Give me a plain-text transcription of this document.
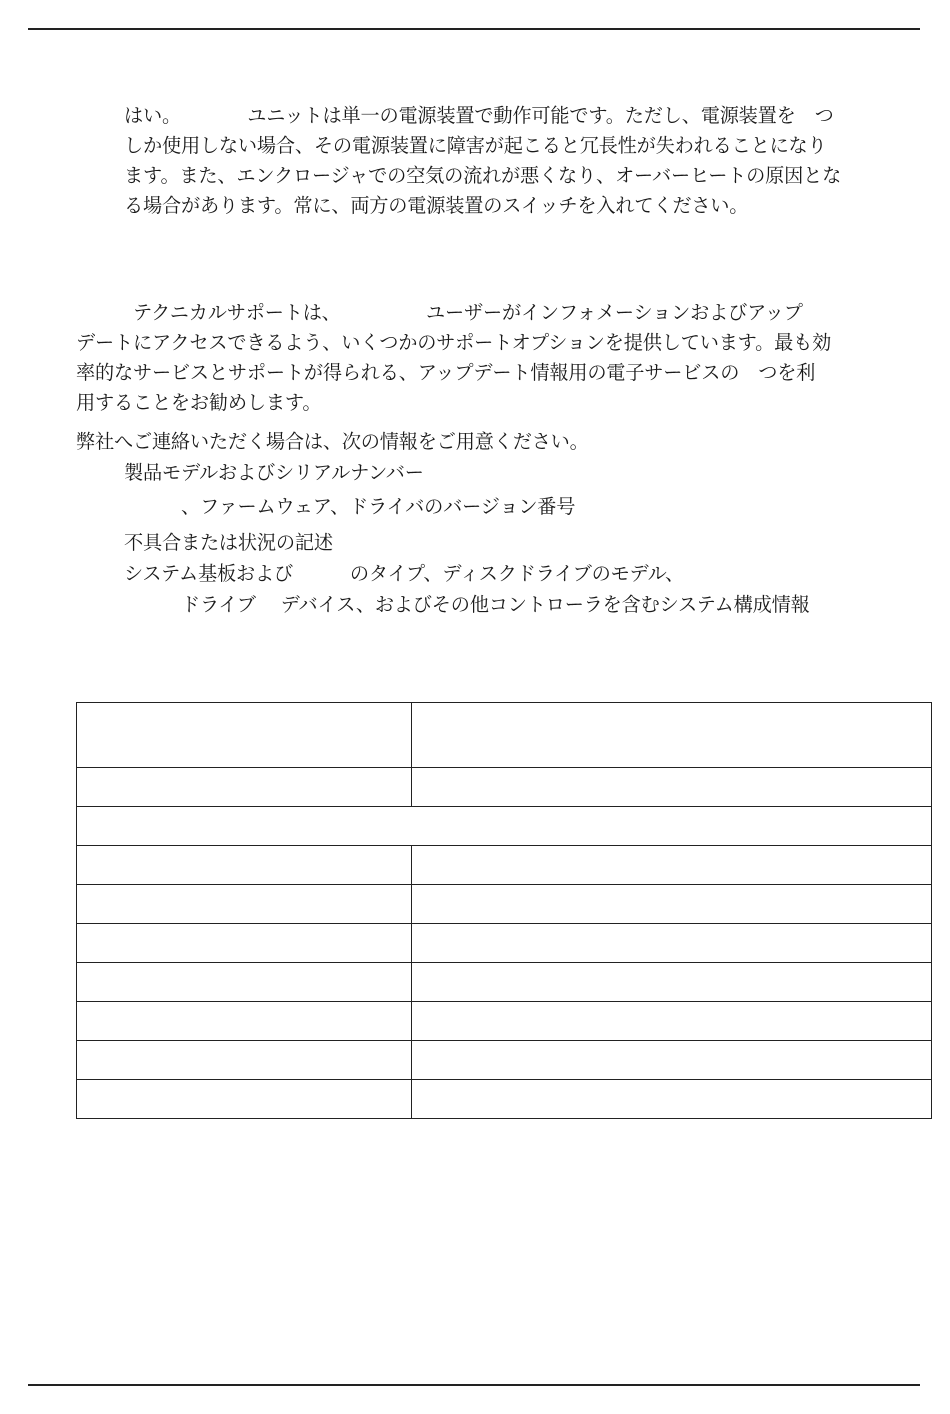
はい。　　　　ユニットは単一の電源装置で動作可能です。ただし、電源装置を　つ
しか使用しない場合、その電源装置に障害が起こると冗長性が失われることになり
ます。また、エンクロージャでの空気の流れが悪くなり、オーバーヒートの原因とな
る場合があります。常に、両方の電源装置のスイッチを入れてください。
　　　テクニカルサポートは、　　　　　ユーザーがインフォメーションおよびアップ
デートにアクセスできるよう、いくつかのサポートオプションを提供しています。最も効
率的なサービスとサポートが得られる、アップデート情報用の電子サービスの　つを利
用することをお勧めします。
弊社へご連絡いただく場合は、次の情報をご用意ください。
製品モデルおよびシリアルナンバー
　　　、ファームウェア、ドライバのバージョン番号
不具合または状況の記述
システム基板および　　　のタイプ、ディスクドライブのモデル、
　　　ドライブ　 デバイス、およびその他コントローラを含むシステム構成情報
